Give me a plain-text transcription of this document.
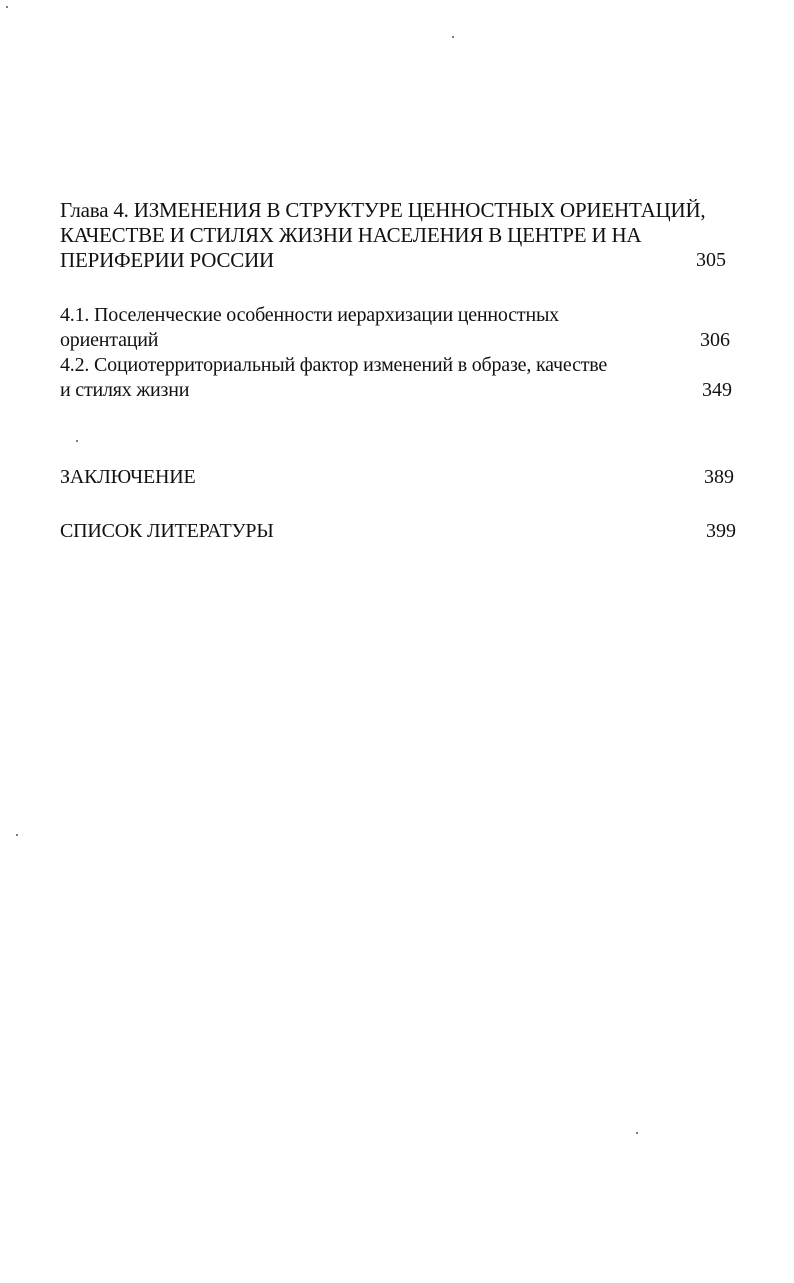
Глава 4. ИЗМЕНЕНИЯ В СТРУКТУРЕ ЦЕННОСТНЫХ ОРИЕНТАЦИЙ,
КАЧЕСТВЕ И СТИЛЯХ ЖИЗНИ НАСЕЛЕНИЯ В ЦЕНТРЕ И НА
ПЕРИФЕРИИ РОССИИ	305
4.1. Поселенческие особенности иерархизации ценностных
ориентаций	306
4.2. Социотерриториальный фактор изменений в образе, качестве
и стилях жизни	349
ЗАКЛЮЧЕНИЕ	389
СПИСОК ЛИТЕРАТУРЫ	399
